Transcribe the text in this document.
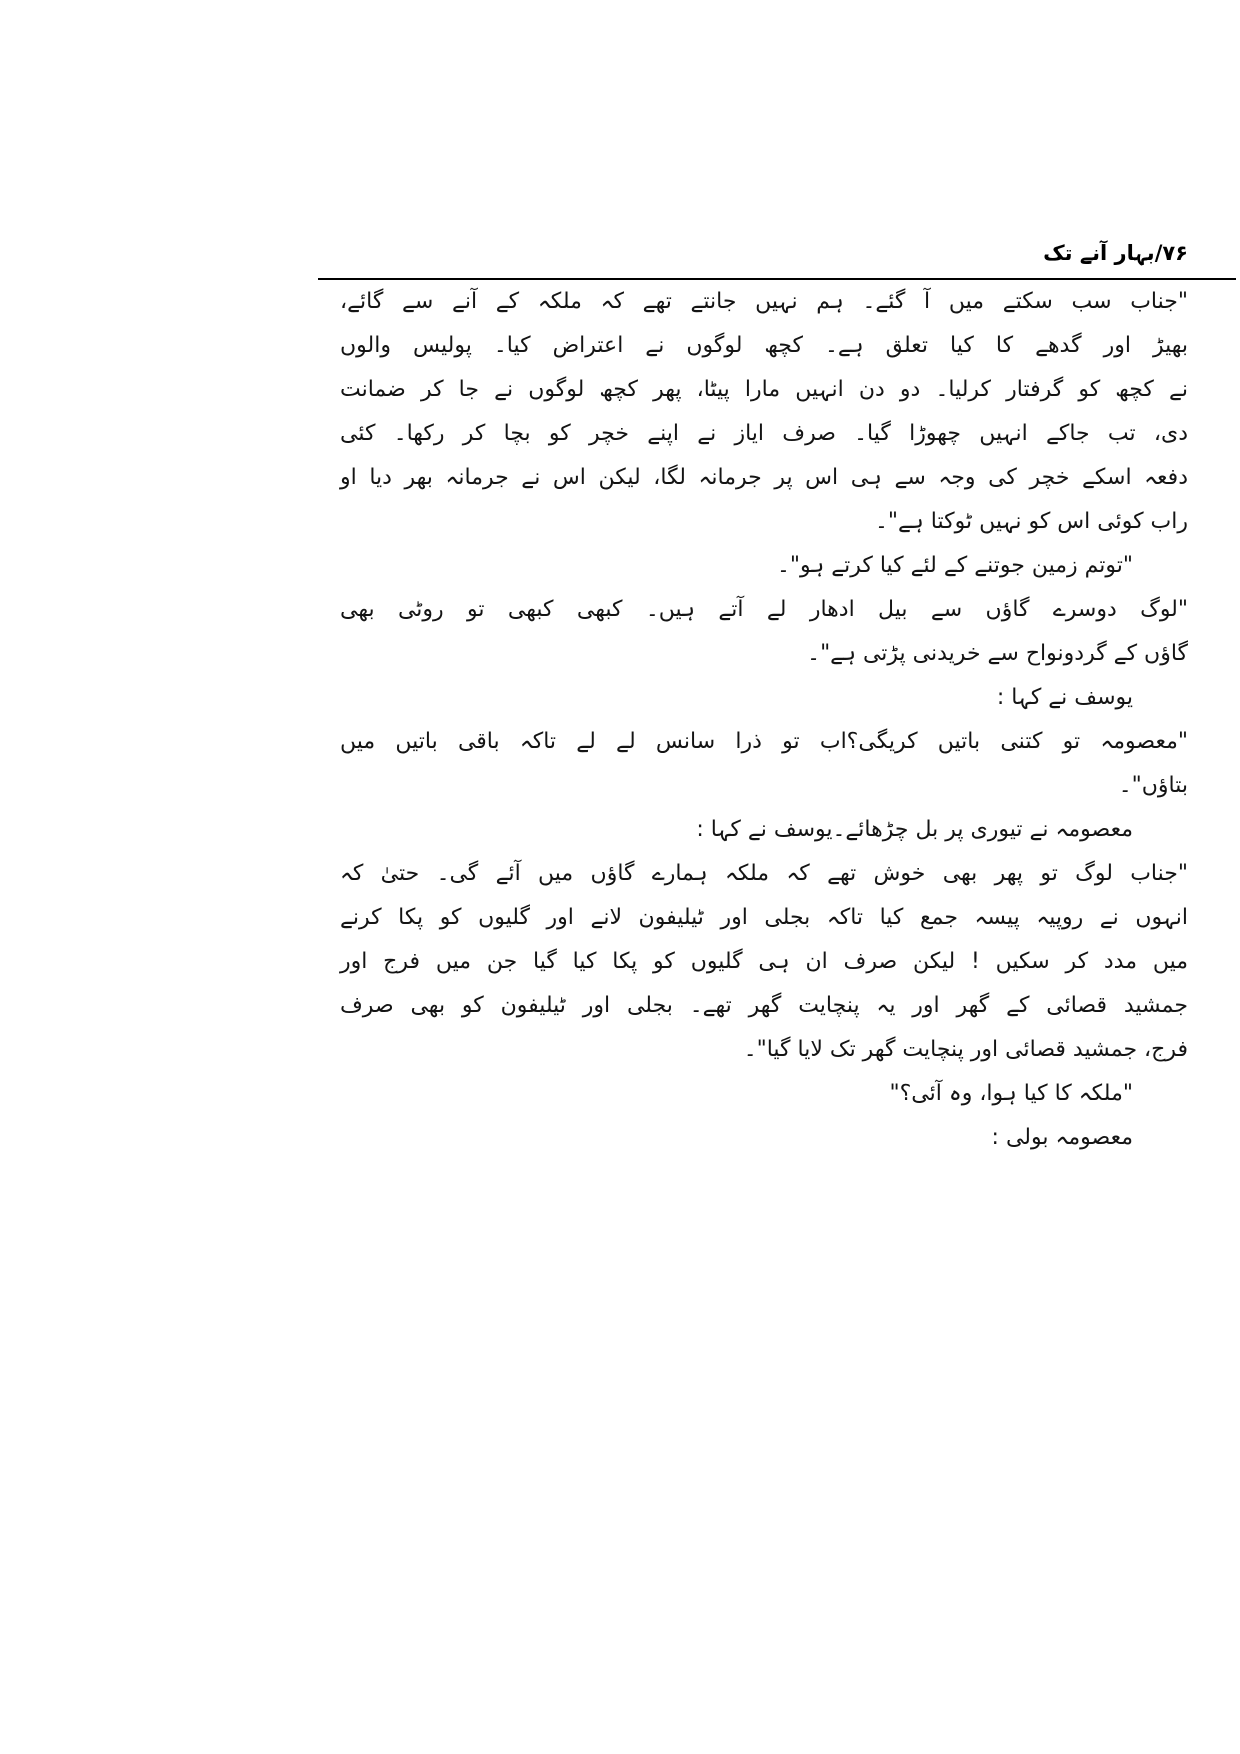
۷۶/بہار آنے تک
"جناب سب سکتے میں آ گئے۔ ہم نہیں جانتے تھے کہ ملکہ کے آنے سے گائے،
بھیڑ اور گدھے کا کیا تعلق ہے۔ کچھ لوگوں نے اعتراض کیا۔ پولیس والوں
نے کچھ کو گرفتار کرلیا۔ دو دن انہیں مارا پیٹا، پھر کچھ لوگوں نے جا کر ضمانت
دی، تب جاکے انہیں چھوڑا گیا۔ صرف ایاز نے اپنے خچر کو بچا کر رکھا۔ کئی
دفعہ اسکے خچر کی وجہ سے ہی اس پر جرمانہ لگا، لیکن اس نے جرمانہ بھر دیا او
راب کوئی اس کو نہیں ٹوکتا ہے"۔
"توتم زمین جوتنے کے لئے کیا کرتے ہو"۔
"لوگ دوسرے گاؤں سے بیل ادھار لے آتے ہیں۔ کبھی کبھی تو روٹی بھی
گاؤں کے گردونواح سے خریدنی پڑتی ہے"۔
یوسف نے کہا :
"معصومہ تو کتنی باتیں کریگی؟اب تو ذرا سانس لے لے تاکہ باقی باتیں میں
بتاؤں"۔
معصومہ نے تیوری پر بل چڑھائے۔یوسف نے کہا :
"جناب لوگ تو پھر بھی خوش تھے کہ ملکہ ہمارے گاؤں میں آئے گی۔ حتیٰ کہ
انہوں نے روپیہ پیسہ جمع کیا تاکہ بجلی اور ٹیلیفون لانے اور گلیوں کو پکا کرنے
میں مدد کر سکیں ! لیکن صرف ان ہی گلیوں کو پکا کیا گیا جن میں فرج اور
جمشید قصائی کے گھر اور یہ پنچایت گھر تھے۔ بجلی اور ٹیلیفون کو بھی صرف
فرج، جمشید قصائی اور پنچایت گھر تک لایا گیا"۔
"ملکہ کا کیا ہوا، وہ آئی؟"
معصومہ بولی :
